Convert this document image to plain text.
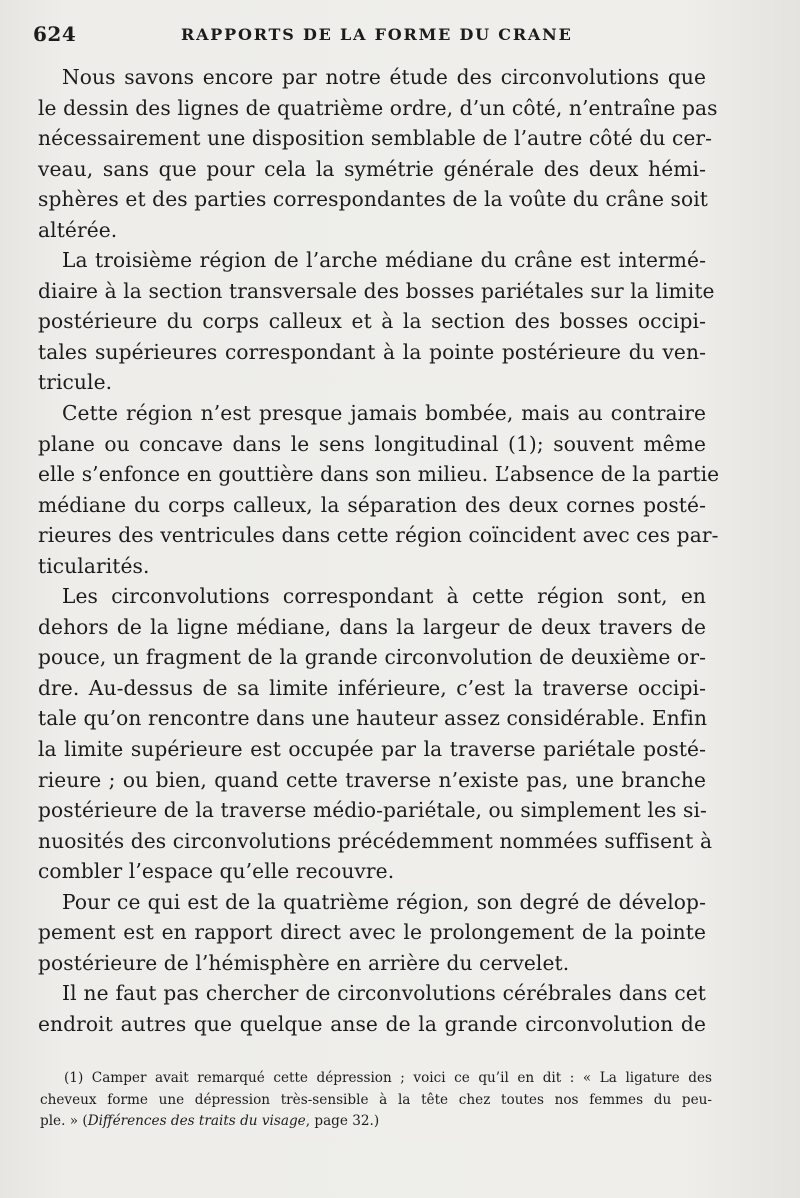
624	RAPPORTS DE LA FORME DU CRANE
Nous savons encore par notre étude des circonvolutions que
le dessin des lignes de quatrième ordre, d’un côté, n’entraîne pas
nécessairement une disposition semblable de l’autre côté du cer-
veau, sans que pour cela la symétrie générale des deux hémi-
sphères et des parties correspondantes de la voûte du crâne soit
altérée.
La troisième région de l’arche médiane du crâne est intermé-
diaire à la section transversale des bosses pariétales sur la limite
postérieure du corps calleux et à la section des bosses occipi-
tales supérieures correspondant à la pointe postérieure du ven-
tricule.
Cette région n’est presque jamais bombée, mais au contraire
plane ou concave dans le sens longitudinal (1); souvent même
elle s’enfonce en gouttière dans son milieu. L’absence de la partie
médiane du corps calleux, la séparation des deux cornes posté-
rieures des ventricules dans cette région coïncident avec ces par-
ticularités.
Les circonvolutions correspondant à cette région sont, en
dehors de la ligne médiane, dans la largeur de deux travers de
pouce, un fragment de la grande circonvolution de deuxième or-
dre. Au-dessus de sa limite inférieure, c’est la traverse occipi-
tale qu’on rencontre dans une hauteur assez considérable. Enfin
la limite supérieure est occupée par la traverse pariétale posté-
rieure ; ou bien, quand cette traverse n’existe pas, une branche
postérieure de la traverse médio-pariétale, ou simplement les si-
nuosités des circonvolutions précédemment nommées suffisent à
combler l’espace qu’elle recouvre.
Pour ce qui est de la quatrième région, son degré de dévelop-
pement est en rapport direct avec le prolongement de la pointe
postérieure de l’hémisphère en arrière du cervelet.
Il ne faut pas chercher de circonvolutions cérébrales dans cet
endroit autres que quelque anse de la grande circonvolution de
(1) Camper avait remarqué cette dépression ; voici ce qu’il en dit : « La ligature des
cheveux forme une dépression très-sensible à la tête chez toutes nos femmes du peu-
ple. » (Différences des traits du visage, page 32.)
